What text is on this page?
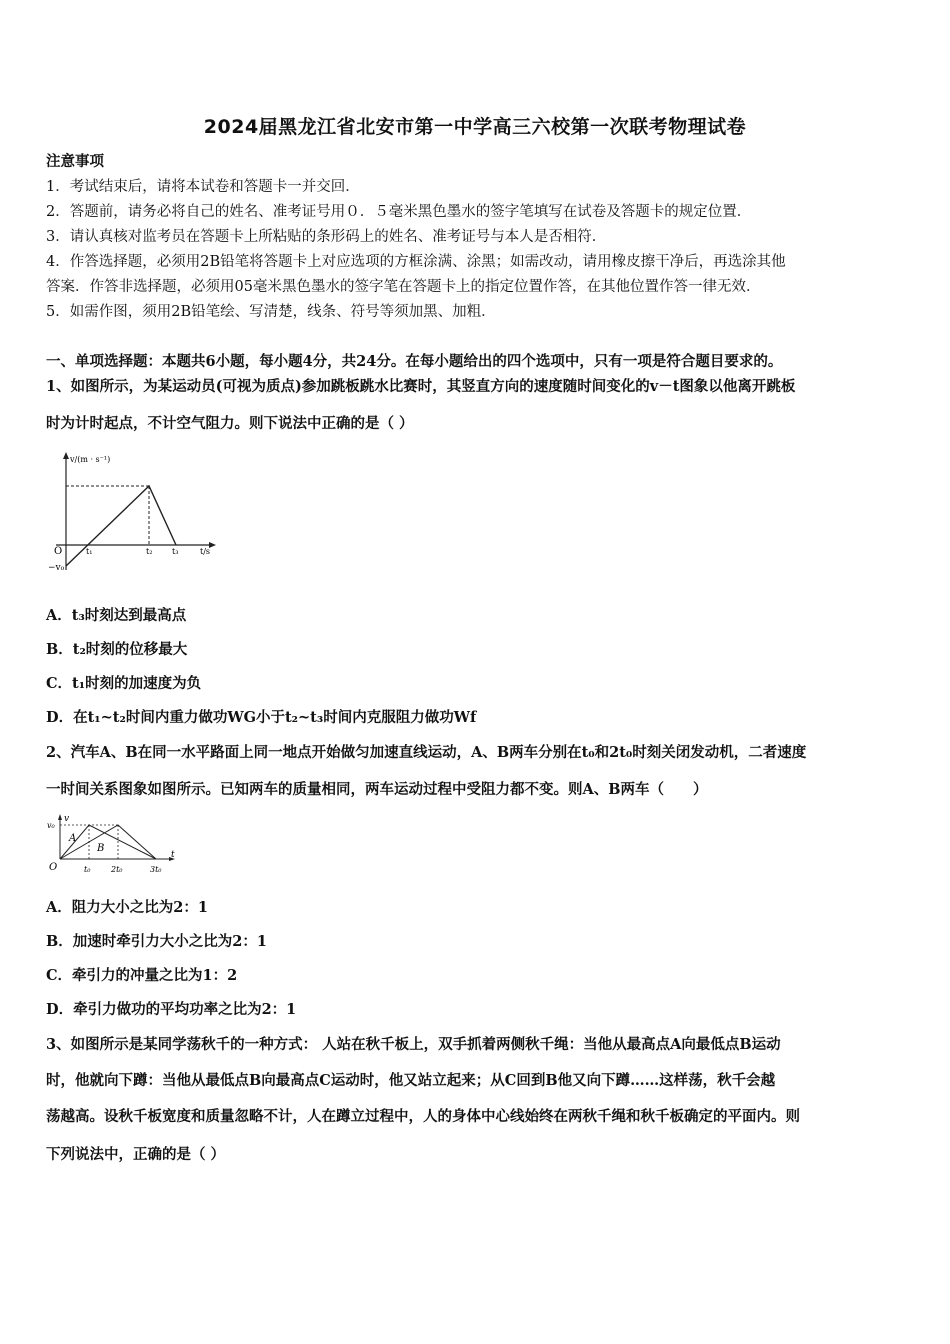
2024届黑龙江省北安市第一中学高三六校第一次联考物理试卷
注意事项
1．考试结束后，请将本试卷和答题卡一并交回．
2．答题前，请务必将自己的姓名、准考证号用０．５毫米黑色墨水的签字笔填写在试卷及答题卡的规定位置．
3．请认真核对监考员在答题卡上所粘贴的条形码上的姓名、准考证号与本人是否相符．
4．作答选择题，必须用2B铅笔将答题卡上对应选项的方框涂满、涂黑；如需改动，请用橡皮擦干净后，再选涂其他
答案．作答非选择题，必须用05毫米黑色墨水的签字笔在答题卡上的指定位置作答，在其他位置作答一律无效．
5．如需作图，须用2B铅笔绘、写清楚，线条、符号等须加黑、加粗．
一、单项选择题：本题共6小题，每小题4分，共24分。在每小题给出的四个选项中，只有一项是符合题目要求的。
1、如图所示，为某运动员(可视为质点)参加跳板跳水比赛时，其竖直方向的速度随时间变化的v－t图象以他离开跳板
时为计时起点，不计空气阻力。则下说法中正确的是（ ）
v/(m · s⁻¹)
t/s
O
−v₀
t₁	t₂ t₃
A．t₃时刻达到最高点
B．t₂时刻的位移最大
C．t₁时刻的加速度为负
D．在t₁~t₂时间内重力做功WG小于t₂~t₃时间内克服阻力做功Wf
2、汽车A、B在同一水平路面上同一地点开始做匀加速直线运动，A、B两车分别在t₀和2t₀时刻关闭发动机，二者速度
一时间关系图象如图所示。已知两车的质量相同，两车运动过程中受阻力都不变。则A、B两车（　　）
v
v₀
O
t
A
B
t₀	2t₀	3t₀
A．阻力大小之比为2：1
B．加速时牵引力大小之比为2：1
C．牵引力的冲量之比为1：2
D．牵引力做功的平均功率之比为2：1
3、如图所示是某同学荡秋千的一种方式： 人站在秋千板上，双手抓着两侧秋千绳：当他从最高点A向最低点B运动
时，他就向下蹲：当他从最低点B向最高点C运动时，他又站立起来；从C回到B他又向下蹲……这样荡，秋千会越
荡越高。设秋千板宽度和质量忽略不计，人在蹲立过程中，人的身体中心线始终在两秋千绳和秋千板确定的平面内。则
下列说法中，正确的是（ ）
